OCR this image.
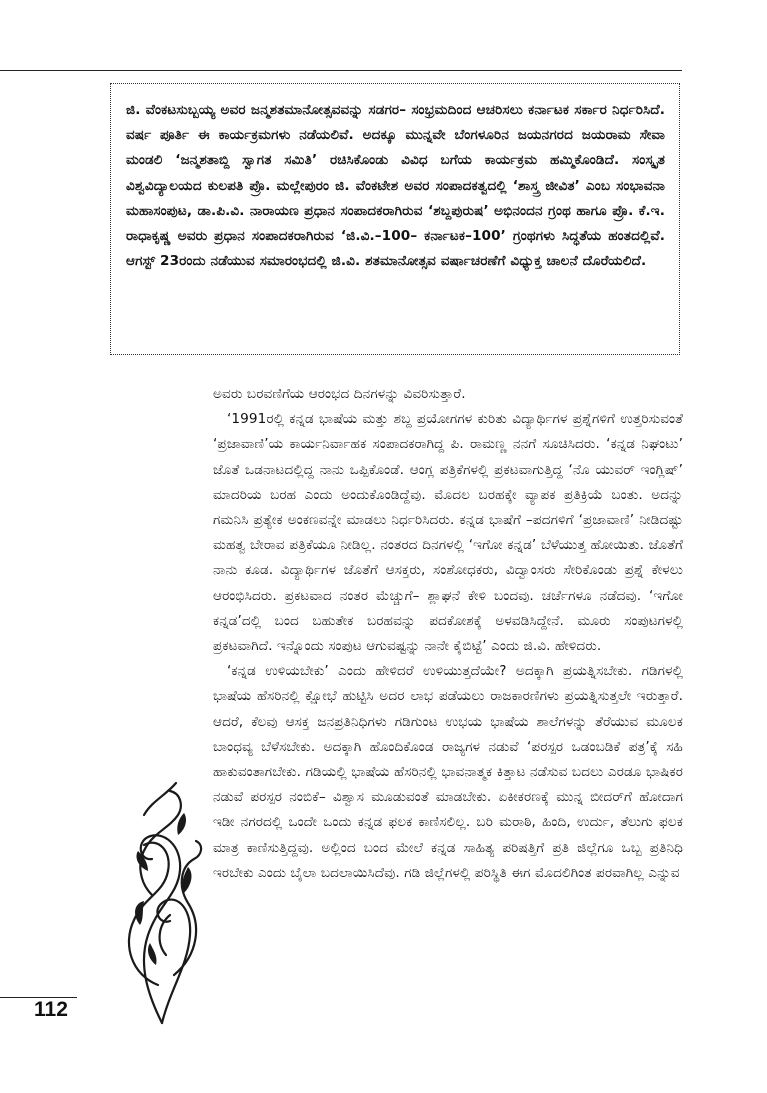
ಜಿ. ವೆಂಕಟಸುಬ್ಬಯ್ಯ ಅವರ ಜನ್ಮಶತಮಾನೋತ್ಸವವನ್ನು ಸಡಗರ– ಸಂಭ್ರಮದಿಂದ ಆಚರಿಸಲು ಕರ್ನಾಟಕ ಸರ್ಕಾರ ನಿರ್ಧರಿಸಿದೆ. ವರ್ಷ ಪೂರ್ತಿ ಈ ಕಾರ್ಯಕ್ರಮಗಳು ನಡೆಯಲಿವೆ. ಅದಕ್ಕೂ ಮುನ್ನವೇ ಬೆಂಗಳೂರಿನ ಜಯನಗರದ ಜಯರಾಮ ಸೇವಾ ಮಂಡಲಿ ‘ಜನ್ಮಶತಾಬ್ದಿ ಸ್ವಾಗತ ಸಮಿತಿ’ ರಚಿಸಿಕೊಂಡು ವಿವಿಧ ಬಗೆಯ ಕಾರ್ಯಕ್ರಮ ಹಮ್ಮಿಕೊಂಡಿದೆ. ಸಂಸ್ಕೃತ ವಿಶ್ವವಿದ್ಯಾಲಯದ ಕುಲಪತಿ ಪ್ರೊ. ಮಲ್ಲೇಪುರಂ ಜಿ. ವೆಂಕಟೇಶ ಅವರ ಸಂಪಾದಕತ್ವದಲ್ಲಿ ‘ಶಾಸ್ತ್ರ ಜೀವಿತ’ ಎಂಬ ಸಂಭಾವನಾ ಮಹಾಸಂಪುಟ, ಡಾ.ಪಿ.ವಿ. ನಾರಾಯಣ ಪ್ರಧಾನ ಸಂಪಾದಕರಾಗಿರುವ ‘ಶಬ್ದಪುರುಷ’ ಅಭಿನಂದನ ಗ್ರಂಥ ಹಾಗೂ ಪ್ರೊ. ಕೆ.ಇ. ರಾಧಾಕೃಷ್ಣ ಅವರು ಪ್ರಧಾನ ಸಂಪಾದಕರಾಗಿರುವ ‘ಜಿ.ವಿ.–100– ಕರ್ನಾಟಕ–100’ ಗ್ರಂಥಗಳು ಸಿದ್ಧತೆಯ ಹಂತದಲ್ಲಿವೆ. ಆಗಸ್ಟ್ 23ರಂದು ನಡೆಯುವ ಸಮಾರಂಭದಲ್ಲಿ ಜಿ.ವಿ. ಶತಮಾನೋತ್ಸವ ವರ್ಷಾಚರಣೆಗೆ ವಿಧ್ಯುಕ್ತ ಚಾಲನೆ ದೊರೆಯಲಿದೆ.

ಅವರು ಬರವಣಿಗೆಯ ಆರಂಭದ ದಿನಗಳನ್ನು ವಿವರಿಸುತ್ತಾರೆ.

‘1991ರಲ್ಲಿ ಕನ್ನಡ ಭಾಷೆಯ ಮತ್ತು ಶಬ್ದ ಪ್ರಯೋಗಗಳ ಕುರಿತು ವಿದ್ಯಾರ್ಥಿಗಳ ಪ್ರಶ್ನೆಗಳಿಗೆ ಉತ್ತರಿಸುವಂತೆ ‘ಪ್ರಜಾವಾಣಿ’ಯ ಕಾರ್ಯನಿರ್ವಾಹಕ ಸಂಪಾದಕರಾಗಿದ್ದ ಪಿ. ರಾಮಣ್ಣ ನನಗೆ ಸೂಚಿಸಿದರು. ‘ಕನ್ನಡ ನಿಘಂಟು’ ಜೊತೆ ಒಡನಾಟದಲ್ಲಿದ್ದ ನಾನು ಒಪ್ಪಿಕೊಂಡೆ. ಆಂಗ್ಲ ಪತ್ರಿಕೆಗಳಲ್ಲಿ ಪ್ರಕಟವಾಗುತ್ತಿದ್ದ ‘ನೊ ಯುವರ್ ಇಂಗ್ಲಿಷ್’ ಮಾದರಿಯ ಬರಹ ಎಂದು ಅಂದುಕೊಂಡಿದ್ದೆವು. ಮೊದಲ ಬರಹಕ್ಕೇ ವ್ಯಾಪಕ ಪ್ರತಿಕ್ರಿಯೆ ಬಂತು. ಅದನ್ನು ಗಮನಿಸಿ ಪ್ರತ್ಯೇಕ ಅಂಕಣವನ್ನೇ ಮಾಡಲು ನಿರ್ಧರಿಸಿದರು. ಕನ್ನಡ ಭಾಷೆಗೆ –ಪದಗಳಿಗೆ ‘ಪ್ರಜಾವಾಣಿ’ ನೀಡಿದಷ್ಟು ಮಹತ್ವ ಬೇರಾವ ಪತ್ರಿಕೆಯೂ ನೀಡಿಲ್ಲ. ನಂತರದ ದಿನಗಳಲ್ಲಿ ‘ಇಗೋ ಕನ್ನಡ’ ಬೆಳೆಯುತ್ತ ಹೋಯಿತು. ಜೊತೆಗೆ ನಾನು ಕೂಡ. ವಿದ್ಯಾರ್ಥಿಗಳ ಜೊತೆಗೆ ಆಸಕ್ತರು, ಸಂಶೋಧಕರು, ವಿದ್ವಾಂಸರು ಸೇರಿಕೊಂಡು ಪ್ರಶ್ನೆ ಕೇಳಲು ಆರಂಭಿಸಿದರು. ಪ್ರಕಟವಾದ ನಂತರ ಮೆಚ್ಚುಗೆ– ಶ್ಲಾಘನೆ ಕೇಳಿ ಬಂದವು. ಚರ್ಚೆಗಳೂ ನಡೆದವು. ‘ಇಗೋ ಕನ್ನಡ’ದಲ್ಲಿ ಬಂದ ಬಹುತೇಕ ಬರಹವನ್ನು ಪದಕೋಶಕ್ಕೆ ಅಳವಡಿಸಿದ್ದೇನೆ. ಮೂರು ಸಂಪುಟಗಳಲ್ಲಿ ಪ್ರಕಟವಾಗಿದೆ. ಇನ್ನೊಂದು ಸಂಪುಟ ಆಗುವಷ್ಟನ್ನು ನಾನೇ ಕೈಬಿಟ್ಟೆ’ ಎಂದು ಜಿ.ವಿ. ಹೇಳಿದರು.

‘ಕನ್ನಡ ಉಳಿಯಬೇಕು’ ಎಂದು ಹೇಳಿದರೆ ಉಳಿಯುತ್ತದೆಯೇ? ಅದಕ್ಕಾಗಿ ಪ್ರಯತ್ನಿಸಬೇಕು. ಗಡಿಗಳಲ್ಲಿ ಭಾಷೆಯ ಹೆಸರಿನಲ್ಲಿ ಕ್ಷೋಭೆ ಹುಟ್ಟಿಸಿ ಅದರ ಲಾಭ ಪಡೆಯಲು ರಾಜಕಾರಣಿಗಳು ಪ್ರಯತ್ನಿಸುತ್ತಲೇ ಇರುತ್ತಾರೆ. ಆದರೆ, ಕೆಲವು ಆಸಕ್ತ ಜನಪ್ರತಿನಿಧಿಗಳು ಗಡಿಗುಂಟ ಉಭಯ ಭಾಷೆಯ ಶಾಲೆಗಳನ್ನು ತೆರೆಯುವ ಮೂಲಕ ಬಾಂಧವ್ಯ ಬೆಳೆಸಬೇಕು. ಅದಕ್ಕಾಗಿ ಹೊಂದಿಕೊಂಡ ರಾಜ್ಯಗಳ ನಡುವೆ ‘ಪರಸ್ಪರ ಒಡಂಬಡಿಕೆ ಪತ್ರ’ಕ್ಕೆ ಸಹಿ ಹಾಕುವಂತಾಗಬೇಕು. ಗಡಿಯಲ್ಲಿ ಭಾಷೆಯ ಹೆಸರಿನಲ್ಲಿ ಭಾವನಾತ್ಮಕ ಕಿತ್ತಾಟ ನಡೆಸುವ ಬದಲು ಎರಡೂ ಭಾಷಿಕರ ನಡುವೆ ಪರಸ್ಪರ ನಂಬಿಕೆ– ವಿಶ್ವಾಸ ಮೂಡುವಂತೆ ಮಾಡಬೇಕು. ಏಕೀಕರಣಕ್ಕೆ ಮುನ್ನ ಬೀದರ್‌ಗೆ ಹೋದಾಗ ಇಡೀ ನಗರದಲ್ಲಿ ಒಂದೇ ಒಂದು ಕನ್ನಡ ಫಲಕ ಕಾಣಿಸಲಿಲ್ಲ. ಬರಿ ಮರಾಠಿ, ಹಿಂದಿ, ಉರ್ದು, ತೆಲುಗು ಫಲಕ ಮಾತ್ರ ಕಾಣಿಸುತ್ತಿದ್ದವು. ಅಲ್ಲಿಂದ ಬಂದ ಮೇಲೆ ಕನ್ನಡ ಸಾಹಿತ್ಯ ಪರಿಷತ್ತಿಗೆ ಪ್ರತಿ ಜಿಲ್ಲೆಗೂ ಒಬ್ಬ ಪ್ರತಿನಿಧಿ ಇರಬೇಕು ಎಂದು ಬೈಲಾ ಬದಲಾಯಿಸಿದೆವು. ಗಡಿ ಜಿಲ್ಲೆಗಳಲ್ಲಿ ಪರಿಸ್ಥಿತಿ ಈಗ ಮೊದಲಿಗಿಂತ ಪರವಾಗಿಲ್ಲ ಎನ್ನುವ

112
